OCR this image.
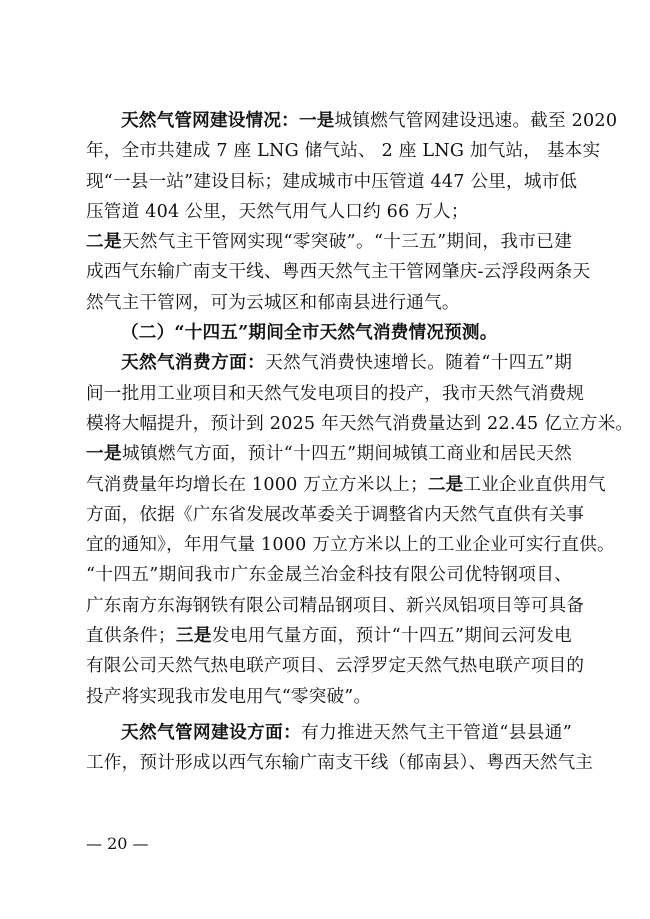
天然气管网建设情况：一是城镇燃气管网建设迅速。截至 2020
年，全市共建成 7 座 LNG 储气站、 2 座 LNG 加气站， 基本实
现“一县一站”建设目标；建成城市中压管道 447 公里，城市低
压管道 404 公里，天然气用气人口约 66 万人；
二是天然气主干管网实现“零突破”。“十三五”期间，我市已建
成西气东输广南支干线、粤西天然气主干管网肇庆-云浮段两条天
然气主干管网，可为云城区和郁南县进行通气。
（二）“十四五”期间全市天然气消费情况预测。
天然气消费方面：天然气消费快速增长。随着“十四五”期
间一批用工业项目和天然气发电项目的投产，我市天然气消费规
模将大幅提升，预计到 2025 年天然气消费量达到 22.45 亿立方米。
一是城镇燃气方面，预计“十四五”期间城镇工商业和居民天然
气消费量年均增长在 1000 万立方米以上；二是工业企业直供用气
方面，依据《广东省发展改革委关于调整省内天然气直供有关事
宜的通知》，年用气量 1000 万立方米以上的工业企业可实行直供。
“十四五”期间我市广东金晟兰冶金科技有限公司优特钢项目、
广东南方东海钢铁有限公司精品钢项目、新兴凤铝项目等可具备
直供条件；三是发电用气量方面，预计“十四五”期间云河发电
有限公司天然气热电联产项目、云浮罗定天然气热电联产项目的
投产将实现我市发电用气“零突破”。
天然气管网建设方面：有力推进天然气主干管道“县县通”
工作，预计形成以西气东输广南支干线（郁南县）、粤西天然气主
— 20 —
